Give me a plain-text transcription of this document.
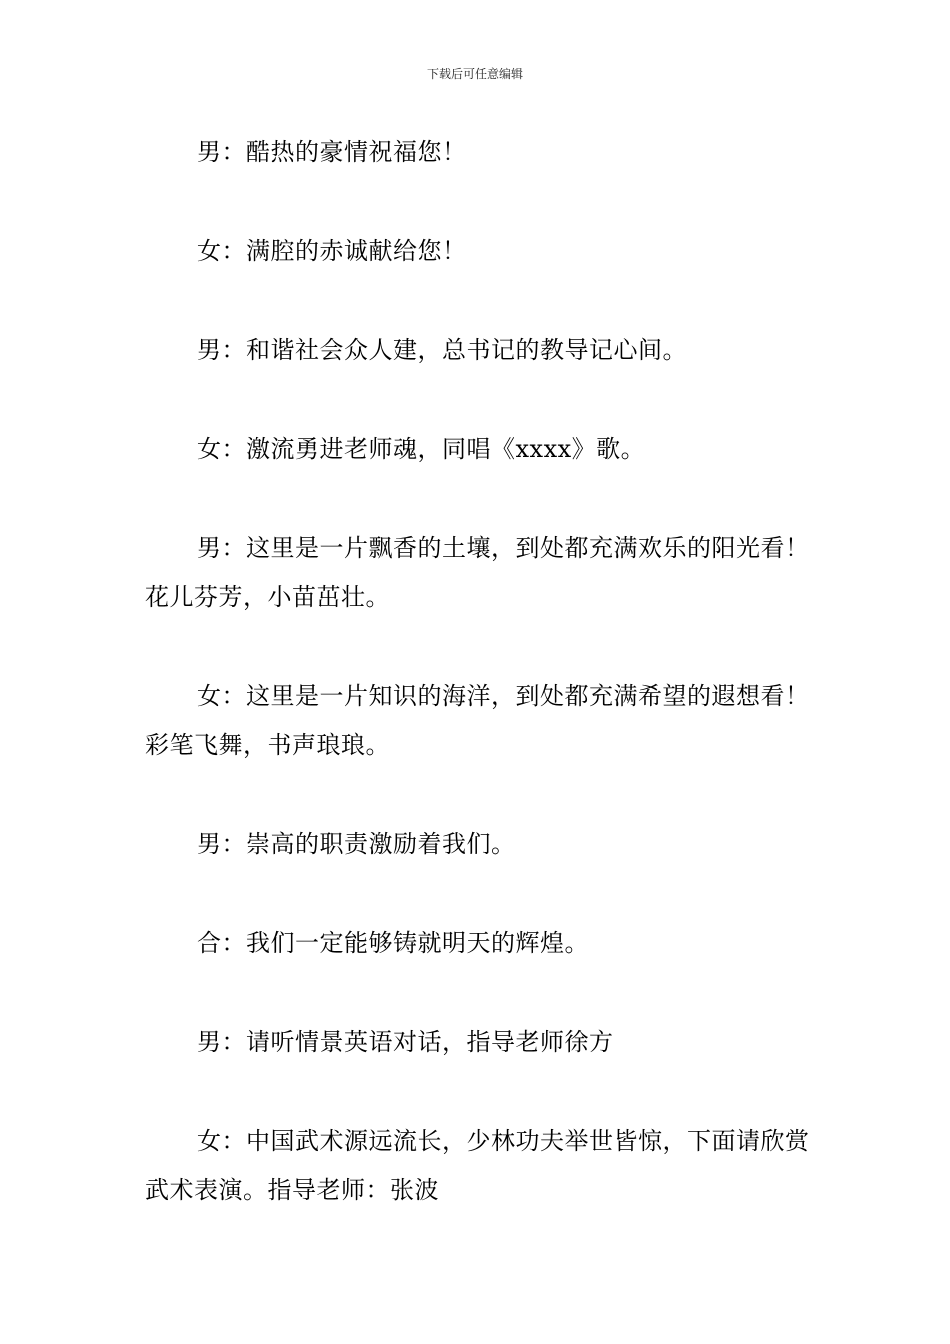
下载后可任意编辑

男：酷热的豪情祝福您！

女：满腔的赤诚献给您！

男：和谐社会众人建，总书记的教导记心间。

女：激流勇进老师魂，同唱《xxxx》歌。

男：这里是一片飘香的土壤，到处都充满欢乐的阳光看！花儿芬芳，小苗茁壮。

女：这里是一片知识的海洋，到处都充满希望的遐想看！彩笔飞舞，书声琅琅。

男：崇高的职责激励着我们。

合：我们一定能够铸就明天的辉煌。

男：请听情景英语对话，指导老师徐方

女：中国武术源远流长，少林功夫举世皆惊，下面请欣赏武术表演。指导老师：张波
